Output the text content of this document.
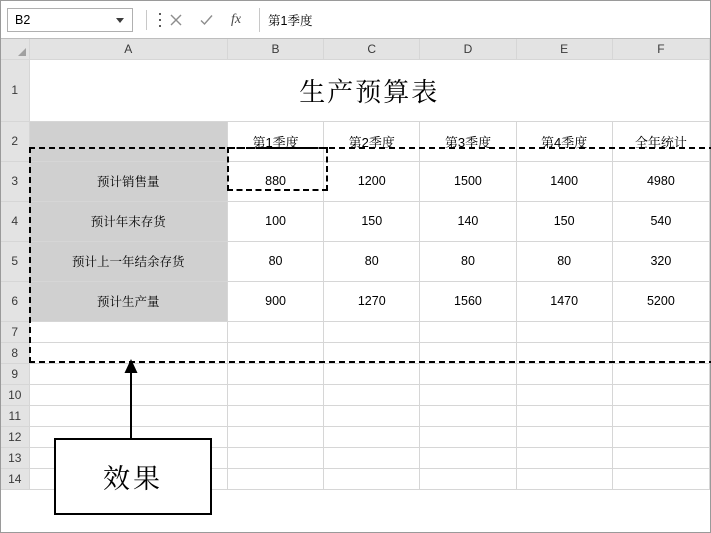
B2	fx	第1季度
	A	B	C	D	E	F
1	生产预算表					
2		第1季度	第2季度	第3季度	第4季度	全年统计
3	预计销售量	880	1200	1500	1400	4980
4	预计年末存货	100	150	140	150	540
5	预计上一年结余存货	80	80	80	80	320
6	预计生产量	900	1270	1560	1470	5200
7						
8						
9						
10						
11						
12						
13						
14							效果
